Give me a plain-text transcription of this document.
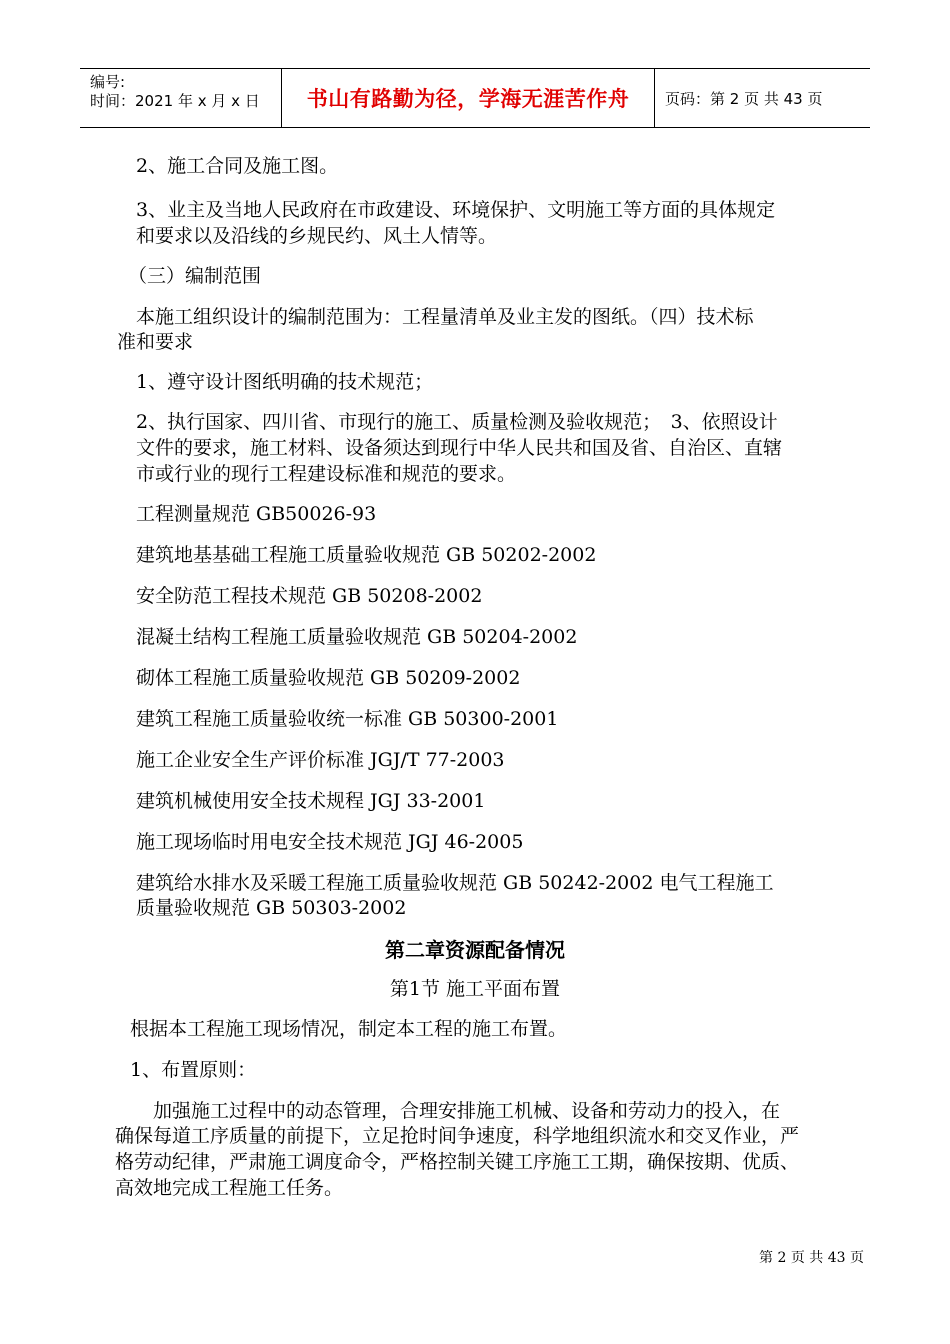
编号:
时间：2021 年 x 月 x 日	书山有路勤为径，学海无涯苦作舟	页码：第 2 页 共 43 页
2、施工合同及施工图。
3、业主及当地人民政府在市政建设、环境保护、文明施工等方面的具体规定
和要求以及沿线的乡规民约、风土人情等。
（三）编制范围
本施工组织设计的编制范围为：工程量清单及业主发的图纸。（四）技术标
准和要求
1、遵守设计图纸明确的技术规范；
2、执行国家、四川省、市现行的施工、质量检测及验收规范；　3、依照设计
文件的要求，施工材料、设备须达到现行中华人民共和国及省、自治区、直辖
市或行业的现行工程建设标准和规范的要求。
工程测量规范 GB50026-93
建筑地基基础工程施工质量验收规范 GB 50202-2002
安全防范工程技术规范 GB 50208-2002
混凝土结构工程施工质量验收规范 GB 50204-2002
砌体工程施工质量验收规范 GB 50209-2002
建筑工程施工质量验收统一标准 GB 50300-2001
施工企业安全生产评价标准 JGJ/T 77-2003
建筑机械使用安全技术规程 JGJ 33-2001
施工现场临时用电安全技术规范 JGJ 46-2005
建筑给水排水及采暖工程施工质量验收规范 GB 50242-2002 电气工程施工
质量验收规范 GB 50303-2002
第二章资源配备情况
第1节 施工平面布置
根据本工程施工现场情况，制定本工程的施工布置。
1、布置原则：
　　加强施工过程中的动态管理，合理安排施工机械、设备和劳动力的投入，在
确保每道工序质量的前提下，立足抢时间争速度，科学地组织流水和交叉作业，严
格劳动纪律，严肃施工调度命令，严格控制关键工序施工工期，确保按期、优质、
高效地完成工程施工任务。
第 2 页 共 43 页
